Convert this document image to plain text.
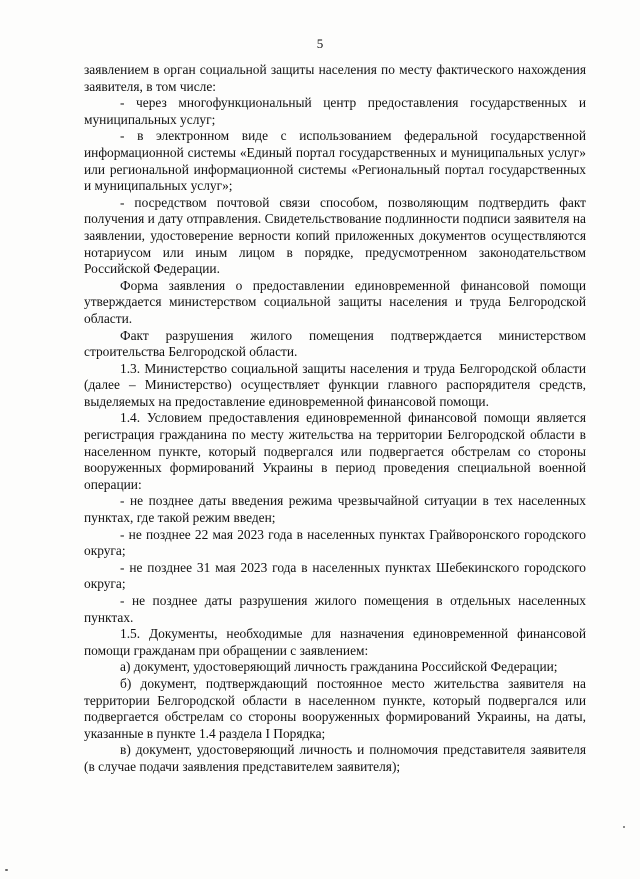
5

заявлением в орган социальной защиты населения по месту фактического нахождения заявителя, в том числе:

- через многофункциональный центр предоставления государственных и муниципальных услуг;

- в электронном виде с использованием федеральной государственной информационной системы «Единый портал государственных и муниципальных услуг» или региональной информационной системы «Региональный портал государственных и муниципальных услуг»;

- посредством почтовой связи способом, позволяющим подтвердить факт получения и дату отправления. Свидетельствование подлинности подписи заявителя на заявлении, удостоверение верности копий приложенных документов осуществляются нотариусом или иным лицом в порядке, предусмотренном законодательством Российской Федерации.

Форма заявления о предоставлении единовременной финансовой помощи утверждается министерством социальной защиты населения и труда Белгородской области.

Факт разрушения жилого помещения подтверждается министерством строительства Белгородской области.

1.3. Министерство социальной защиты населения и труда Белгородской области (далее – Министерство) осуществляет функции главного распорядителя средств, выделяемых на предоставление единовременной финансовой помощи.

1.4. Условием предоставления единовременной финансовой помощи является регистрация гражданина по месту жительства на территории Белгородской области в населенном пункте, который подвергался или подвергается обстрелам со стороны вооруженных формирований Украины в период проведения специальной военной операции:

- не позднее даты введения режима чрезвычайной ситуации в тех населенных пунктах, где такой режим введен;

- не позднее 22 мая 2023 года в населенных пунктах Грайворонского городского округа;

- не позднее 31 мая 2023 года в населенных пунктах Шебекинского городского округа;

- не позднее даты разрушения жилого помещения в отдельных населенных пунктах.

1.5. Документы, необходимые для назначения единовременной финансовой помощи гражданам при обращении с заявлением:

а) документ, удостоверяющий личность гражданина Российской Федерации;

б) документ, подтверждающий постоянное место жительства заявителя на территории Белгородской области в населенном пункте, который подвергался или подвергается обстрелам со стороны вооруженных формирований Украины, на даты, указанные в пункте 1.4 раздела I Порядка;

в) документ, удостоверяющий личность и полномочия представителя заявителя (в случае подачи заявления представителем заявителя);
